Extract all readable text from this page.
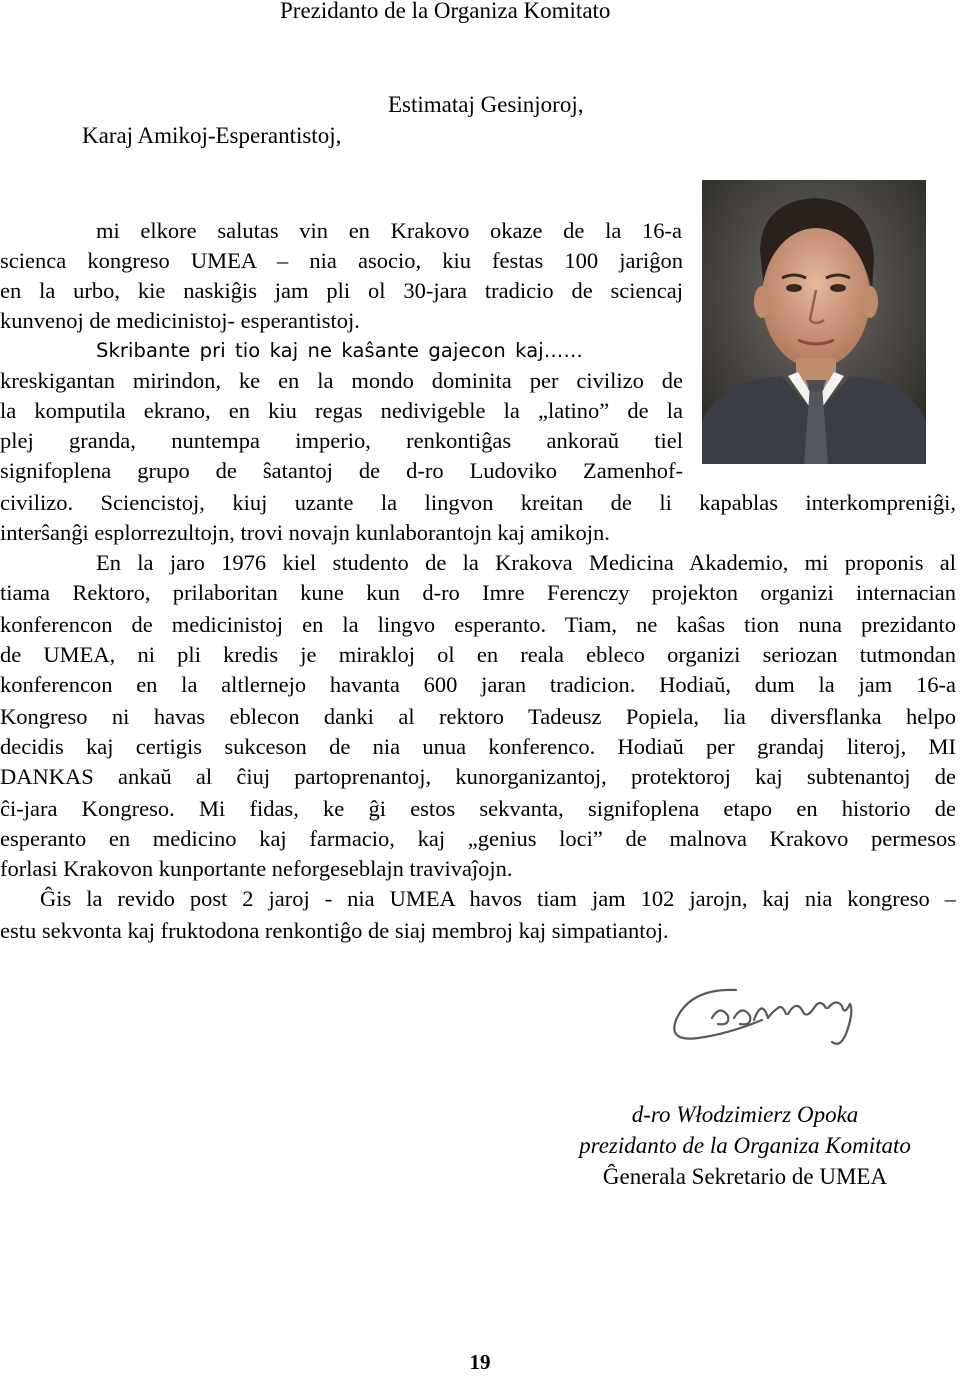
Prezidanto de la Organiza Komitato
Estimataj Gesinjoroj,
Karaj Amikoj-Esperantistoj,
mi elkore salutas vin en Krakovo okaze de la 16-a
scienca kongreso UMEA – nia asocio, kiu festas 100 jariĝon
en la urbo, kie naskiĝis jam pli ol 30-jara tradicio de sciencaj
kunvenoj de medicinistoj- esperantistoj.
Skribante pri tio kaj ne kaŝante gajecon kaj……
kreskigantan mirindon, ke en la mondo dominita per civilizo de
la komputila ekrano, en kiu regas nedivigeble la „latino” de la
plej granda, nuntempa imperio, renkontiĝas ankoraŭ tiel
signifoplena grupo de ŝatantoj de d-ro Ludoviko Zamenhof-
civilizo. Sciencistoj, kiuj uzante la lingvon kreitan de li kapablas interkompreniĝi,
interŝanĝi esplorrezultojn, trovi novajn kunlaborantojn kaj amikojn.
En la jaro 1976 kiel studento de la Krakova Medicina Akademio, mi proponis al
tiama Rektoro, prilaboritan kune kun d-ro Imre Ferenczy projekton organizi internacian
konferencon de medicinistoj en la lingvo esperanto. Tiam, ne kaŝas tion nuna prezidanto
de UMEA, ni pli kredis je mirakloj ol en reala ebleco organizi seriozan tutmondan
konferencon en la altlernejo havanta 600 jaran tradicion. Hodiaŭ, dum la jam 16-a
Kongreso ni havas eblecon danki al rektoro Tadeusz Popiela, lia diversflanka helpo
decidis kaj certigis sukceson de nia unua konferenco. Hodiaŭ per grandaj literoj, MI
DANKAS ankaŭ al ĉiuj partoprenantoj, kunorganizantoj, protektoroj kaj subtenantoj de
ĉi-jara Kongreso. Mi fidas, ke ĝi estos sekvanta, signifoplena etapo en historio de
esperanto en medicino kaj farmacio, kaj „genius loci” de malnova Krakovo permesos
forlasi Krakovon kunportante neforgeseblajn travivaĵojn.
Ĝis la revido post 2 jaroj - nia UMEA havos tiam jam 102 jarojn, kaj nia kongreso –
estu sekvonta kaj fruktodona renkontiĝo de siaj membroj kaj simpatiantoj.
d-ro Włodzimierz Opoka
prezidanto de la Organiza Komitato
Ĝenerala Sekretario de UMEA
19
